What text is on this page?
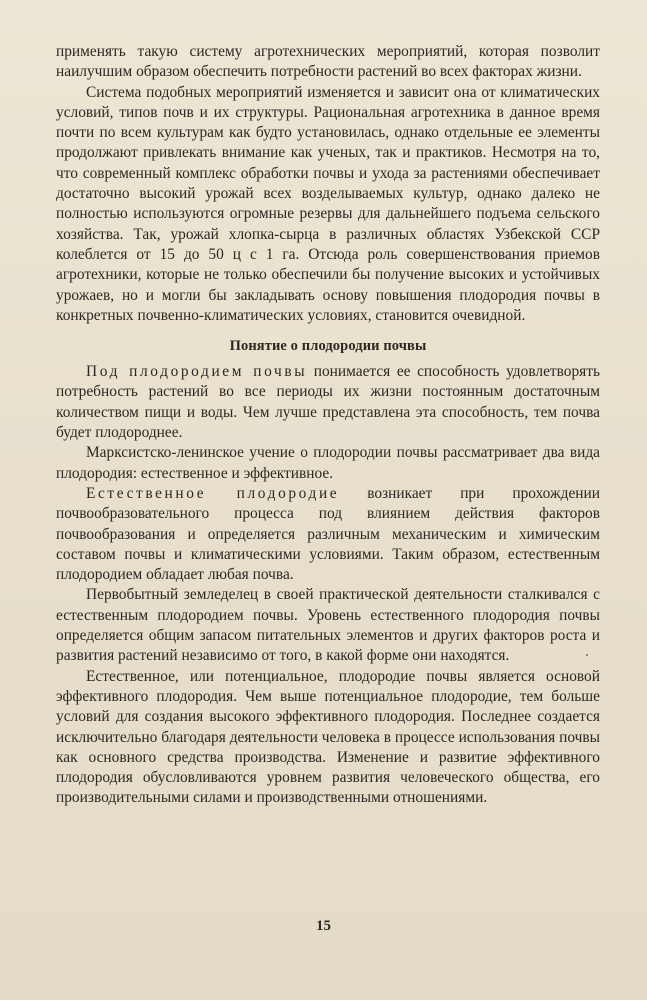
применять такую систему агротехнических мероприятий, которая позволит наилучшим образом обеспечить потребности растений во всех факторах жизни.

Система подобных мероприятий изменяется и зависит она от климатических условий, типов почв и их структуры. Рациональная агротехника в данное время почти по всем культурам как будто установилась, однако отдельные ее элементы продолжают привлекать внимание как ученых, так и практиков. Несмотря на то, что современный комплекс обработки почвы и ухода за растениями обеспечивает достаточно высокий урожай всех возделываемых культур, однако далеко не полностью используются огромные резервы для дальнейшего подъема сельского хозяйства. Так, урожай хлопка-сырца в различных областях Узбекской ССР колеблется от 15 до 50 ц с 1 га. Отсюда роль совершенствования приемов агротехники, которые не только обеспечили бы получение высоких и устойчивых урожаев, но и могли бы закладывать основу повышения плодородия почвы в конкретных почвенно-климатических условиях, становится очевидной.

Понятие о плодородии почвы

Под плодородием почвы понимается ее способность удовлетворять потребность растений во все периоды их жизни постоянным достаточным количеством пищи и воды. Чем лучше представлена эта способность, тем почва будет плодороднее.

Марксистско-ленинское учение о плодородии почвы рассматривает два вида плодородия: естественное и эффективное.

Естественное плодородие возникает при прохождении почвообразовательного процесса под влиянием действия факторов почвообразования и определяется различным механическим и химическим составом почвы и климатическими условиями. Таким образом, естественным плодородием обладает любая почва.

Первобытный земледелец в своей практической деятельности сталкивался с естественным плодородием почвы. Уровень естественного плодородия почвы определяется общим запасом питательных элементов и других факторов роста и развития растений независимо от того, в какой форме они находятся.

Естественное, или потенциальное, плодородие почвы является основой эффективного плодородия. Чем выше потенциальное плодородие, тем больше условий для создания высокого эффективного плодородия. Последнее создается исключительно благодаря деятельности человека в процессе использования почвы как основного средства производства. Изменение и развитие эффективного плодородия обусловливаются уровнем развития человеческого общества, его производительными силами и производственными отношениями.

15
